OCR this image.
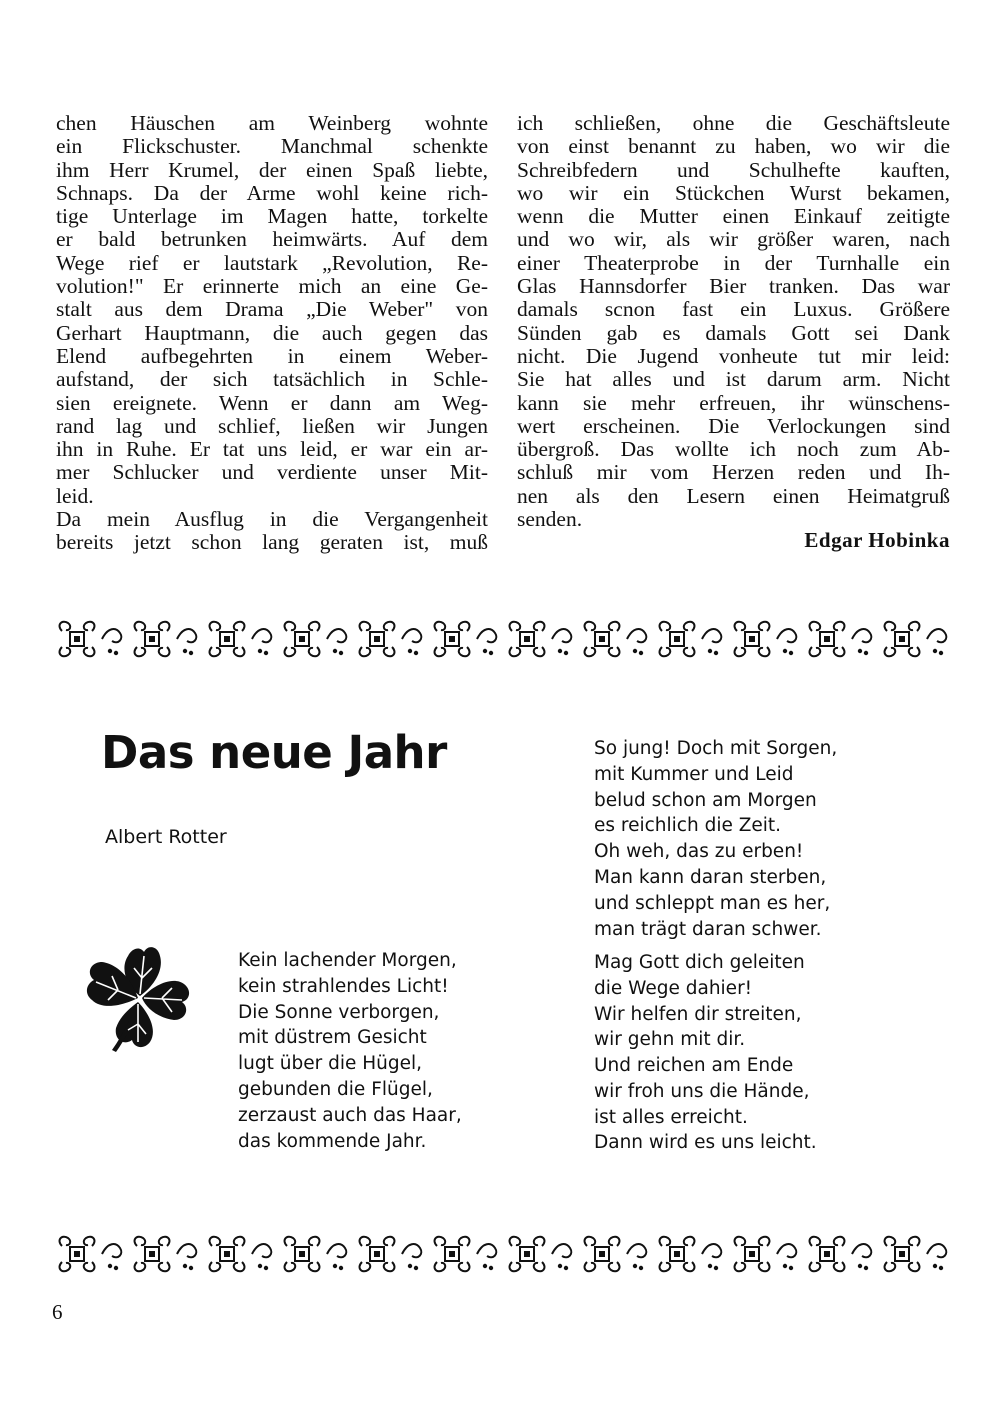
chen Häuschen am Weinberg wohnte
ein Flickschuster. Manchmal schenkte
ihm Herr Krumel, der einen Spaß liebte,
Schnaps. Da der Arme wohl keine rich-
tige Unterlage im Magen hatte, torkelte
er bald betrunken heimwärts. Auf dem
Wege rief er lautstark „Revolution, Re-
volution!" Er erinnerte mich an eine Ge-
stalt aus dem Drama „Die Weber" von
Gerhart Hauptmann, die auch gegen das
Elend aufbegehrten in einem Weber-
aufstand, der sich tatsächlich in Schle-
sien ereignete. Wenn er dann am Weg-
rand lag und schlief, ließen wir Jungen
ihn in Ruhe. Er tat uns leid, er war ein ar-
mer Schlucker und verdiente unser Mit-
leid.
Da mein Ausflug in die Vergangenheit
bereits jetzt schon lang geraten ist, muß
ich schließen, ohne die Geschäftsleute
von einst benannt zu haben, wo wir die
Schreibfedern und Schulhefte kauften,
wo wir ein Stückchen Wurst bekamen,
wenn die Mutter einen Einkauf zeitigte
und wo wir, als wir größer waren, nach
einer Theaterprobe in der Turnhalle ein
Glas Hannsdorfer Bier tranken. Das war
damals scnon fast ein Luxus. Größere
Sünden gab es damals Gott sei Dank
nicht. Die Jugend vonheute tut mir leid:
Sie hat alles und ist darum arm. Nicht
kann sie mehr erfreuen, ihr wünschens-
wert erscheinen. Die Verlockungen sind
übergroß. Das wollte ich noch zum Ab-
schluß mir vom Herzen reden und Ih-
nen als den Lesern einen Heimatgruß
senden.
Edgar Hobinka
Das neue Jahr
Albert Rotter
Kein lachender Morgen,
kein strahlendes Licht!
Die Sonne verborgen,
mit düstrem Gesicht
lugt über die Hügel,
gebunden die Flügel,
zerzaust auch das Haar,
das kommende Jahr.
So jung! Doch mit Sorgen,
mit Kummer und Leid
belud schon am Morgen
es reichlich die Zeit.
Oh weh, das zu erben!
Man kann daran sterben,
und schleppt man es her,
man trägt daran schwer.
Mag Gott dich geleiten
die Wege dahier!
Wir helfen dir streiten,
wir gehn mit dir.
Und reichen am Ende
wir froh uns die Hände,
ist alles erreicht.
Dann wird es uns leicht.
6
